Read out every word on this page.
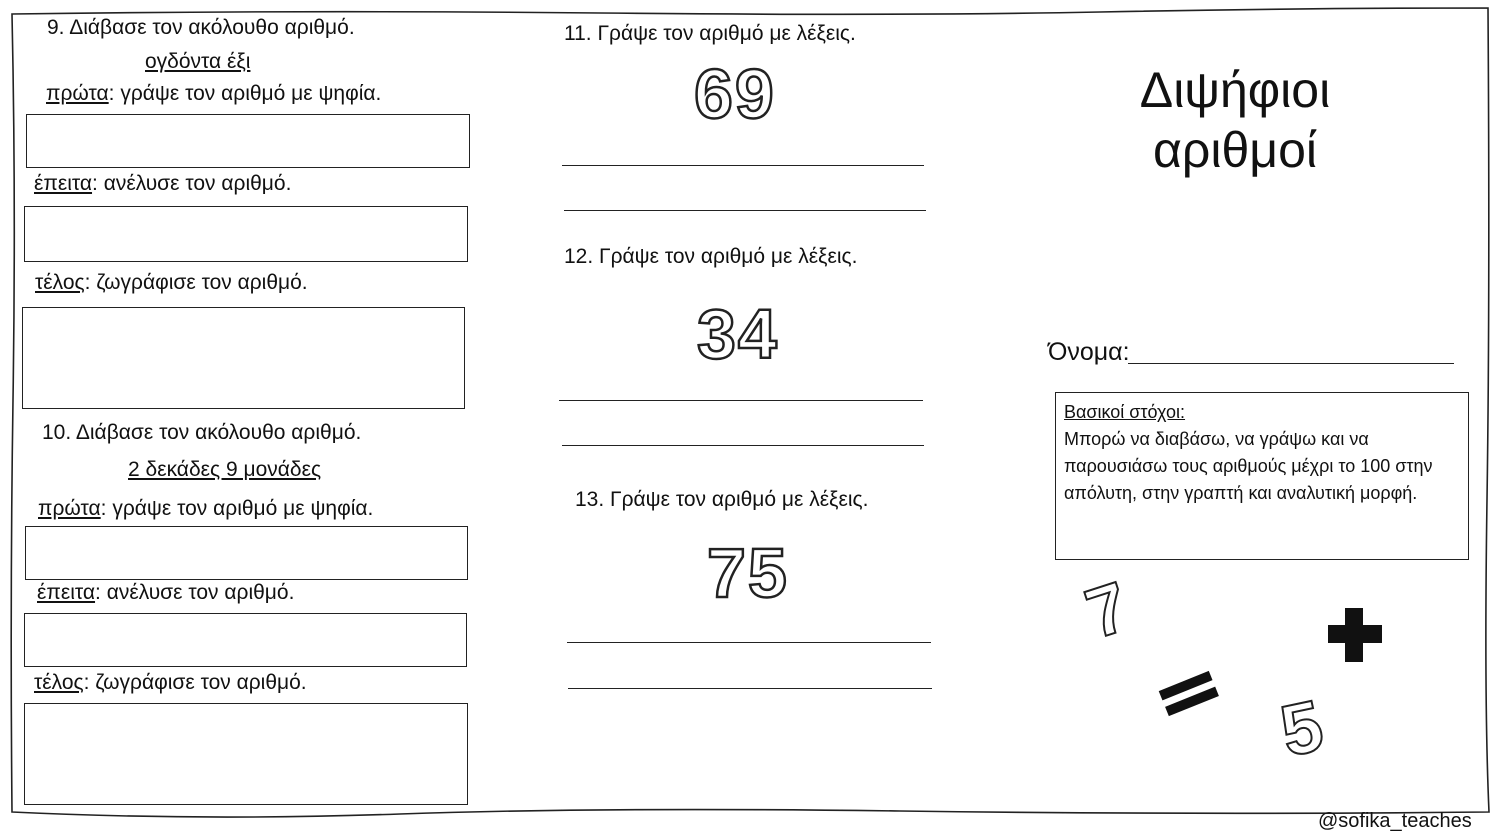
9. Διάβασε τον ακόλουθο αριθμό.
ογδόντα έξι
πρώτα: γράψε τον αριθμό με ψηφία.
έπειτα: ανέλυσε τον αριθμό.
τέλος: ζωγράφισε τον αριθμό.
10. Διάβασε τον ακόλουθο αριθμό.
2 δεκάδες 9 μονάδες
πρώτα: γράψε τον αριθμό με ψηφία.
έπειτα: ανέλυσε τον αριθμό.
τέλος: ζωγράφισε τον αριθμό.
11. Γράψε τον αριθμό με λέξεις.
69
12. Γράψε τον αριθμό με λέξεις.
34
13. Γράψε τον αριθμό με λέξεις.
75
Διψήφιοι
αριθμοί
Όνομα:
Βασικοί στόχοι:
Μπορώ να διαβάσω, να γράψω και να παρουσιάσω τους αριθμούς μέχρι το 100 στην απόλυτη, στην γραπτή και αναλυτική μορφή.
7
5
@sofika_teaches
